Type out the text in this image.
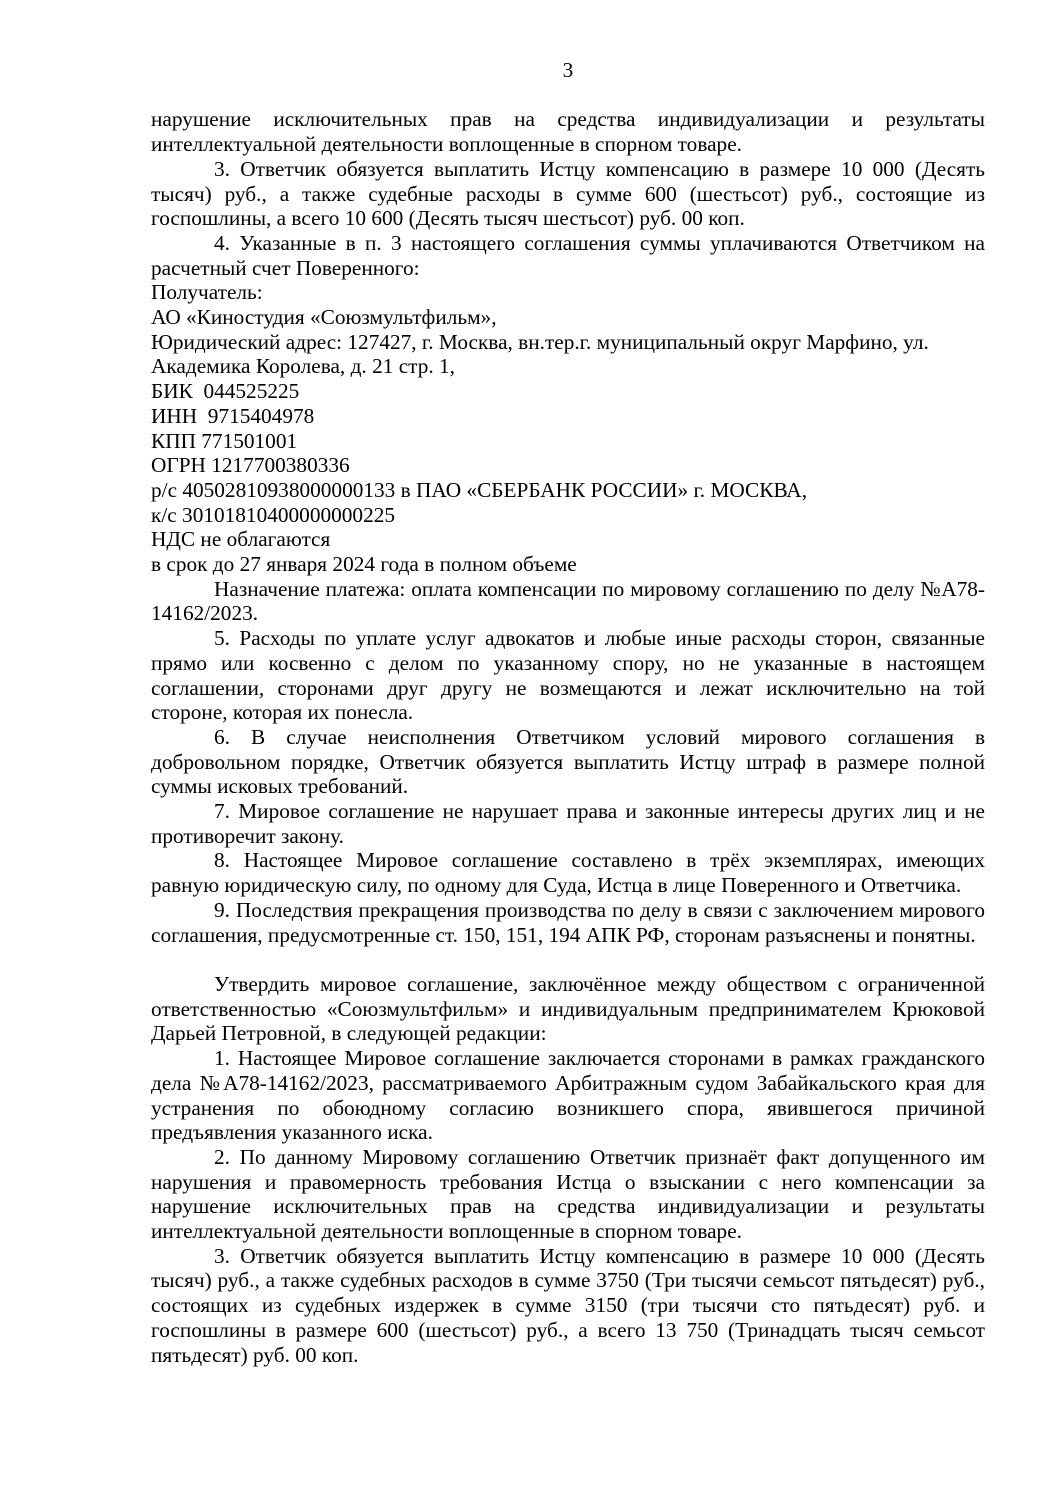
3

нарушение исключительных прав на средства индивидуализации и результаты интеллектуальной деятельности воплощенные в спорном товаре.

3. Ответчик обязуется выплатить Истцу компенсацию в размере 10 000 (Десять тысяч) руб., а также судебные расходы в сумме 600 (шестьсот) руб., состоящие из госпошлины, а всего 10 600 (Десять тысяч шестьсот) руб. 00 коп.

4. Указанные в п. 3 настоящего соглашения суммы уплачиваются Ответчиком на расчетный счет Поверенного:

Получатель:

АО «Киностудия «Союзмультфильм»,

Юридический адрес: 127427, г. Москва, вн.тер.г. муниципальный округ Марфино, ул. Академика Королева, д. 21 стр. 1,

БИК  044525225

ИНН  9715404978

КПП 771501001

ОГРН 1217700380336

р/с 40502810938000000133 в ПАО «СБЕРБАНК РОССИИ» г. МОСКВА,

к/с 30101810400000000225

НДС не облагаются

в срок до 27 января 2024 года в полном объеме

Назначение платежа: оплата компенсации по мировому соглашению по делу №А78-14162/2023.

5. Расходы по уплате услуг адвокатов и любые иные расходы сторон, связанные прямо или косвенно с делом по указанному спору, но не указанные в настоящем соглашении, сторонами друг другу не возмещаются и лежат исключительно на той стороне, которая их понесла.

6. В случае неисполнения Ответчиком условий мирового соглашения в добровольном порядке, Ответчик обязуется выплатить Истцу штраф в размере полной суммы исковых требований.

7. Мировое соглашение не нарушает права и законные интересы других лиц и не противоречит закону.

8. Настоящее Мировое соглашение составлено в трёх экземплярах, имеющих равную юридическую силу, по одному для Суда, Истца в лице Поверенного и Ответчика.

9. Последствия прекращения производства по делу в связи с заключением мирового соглашения, предусмотренные ст. 150, 151, 194 АПК РФ, сторонам разъяснены и понятны.

Утвердить мировое соглашение, заключённое между обществом с ограниченной ответственностью «Союзмультфильм» и индивидуальным предпринимателем Крюковой Дарьей Петровной, в следующей редакции:

1. Настоящее Мировое соглашение заключается сторонами в рамках гражданского дела №А78-14162/2023, рассматриваемого Арбитражным судом Забайкальского края для устранения по обоюдному согласию возникшего спора, явившегося причиной предъявления указанного иска.

2. По данному Мировому соглашению Ответчик признаёт факт допущенного им нарушения и правомерность требования Истца о взыскании с него компенсации за нарушение исключительных прав на средства индивидуализации и результаты интеллектуальной деятельности воплощенные в спорном товаре.

3. Ответчик обязуется выплатить Истцу компенсацию в размере 10 000 (Десять тысяч) руб., а также судебных расходов в сумме 3750 (Три тысячи семьсот пятьдесят) руб., состоящих из судебных издержек в сумме 3150 (три тысячи сто пятьдесят) руб. и госпошлины в размере 600 (шестьсот) руб., а всего 13 750 (Тринадцать тысяч семьсот пятьдесят) руб. 00 коп.
